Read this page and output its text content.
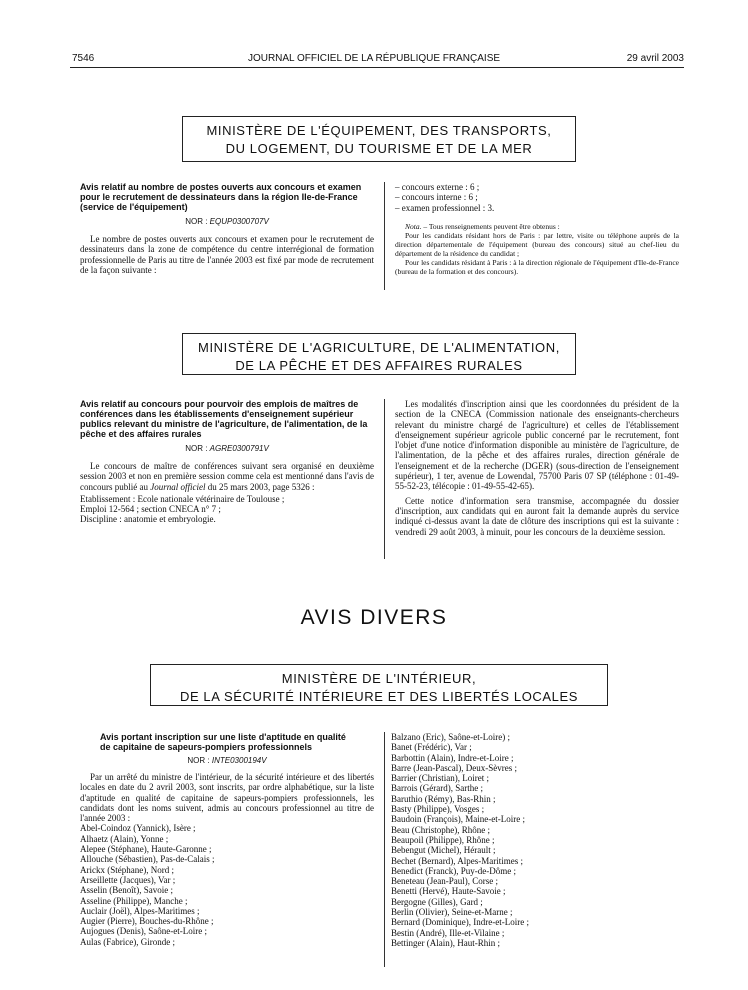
7546	JOURNAL OFFICIEL DE LA RÉPUBLIQUE FRANÇAISE	29 avril 2003
MINISTÈRE DE L'ÉQUIPEMENT, DES TRANSPORTS,
DU LOGEMENT, DU TOURISME ET DE LA MER
Avis relatif au nombre de postes ouverts aux concours et examen pour le recrutement de dessinateurs dans la région Ile-de-France (service de l'équipement)
NOR : EQUP0300707V

Le nombre de postes ouverts aux concours et examen pour le recrutement de dessinateurs dans la zone de compétence du centre interrégional de formation professionnelle de Paris au titre de l'année 2003 est fixé par mode de recrutement de la façon suivante :

– concours externe : 6 ;
– concours interne : 6 ;
– examen professionnel : 3.

Nota. – Tous renseignements peuvent être obtenus :

Pour les candidats résidant hors de Paris : par lettre, visite ou téléphone auprès de la direction départementale de l'équipement (bureau des concours) situé au chef-lieu du département de la résidence du candidat ;

Pour les candidats résidant à Paris : à la direction régionale de l'équipement d'Ile-de-France (bureau de la formation et des concours).

MINISTÈRE DE L'AGRICULTURE, DE L'ALIMENTATION,
DE LA PÊCHE ET DES AFFAIRES RURALES
Avis relatif au concours pour pourvoir des emplois de maîtres de conférences dans les établissements d'enseignement supérieur publics relevant du ministre de l'agriculture, de l'alimentation, de la pêche et des affaires rurales
NOR : AGRE0300791V

Le concours de maître de conférences suivant sera organisé en deuxième session 2003 et non en première session comme cela est mentionné dans l'avis de concours publié au Journal officiel du 25 mars 2003, page 5326 :

Etablissement : Ecole nationale vétérinaire de Toulouse ;
Emploi 12-564 ; section CNECA n° 7 ;
Discipline : anatomie et embryologie.

Les modalités d'inscription ainsi que les coordonnées du président de la section de la CNECA (Commission nationale des enseignants-chercheurs relevant du ministre chargé de l'agriculture) et celles de l'établissement d'enseignement supérieur agricole public concerné par le recrutement, font l'objet d'une notice d'information disponible au ministère de l'agriculture, de l'alimentation, de la pêche et des affaires rurales, direction générale de l'enseignement et de la recherche (DGER) (sous-direction de l'enseignement supérieur), 1 ter, avenue de Lowendal, 75700 Paris 07 SP (téléphone : 01-49-55-52-23, télécopie : 01-49-55-42-65).

Cette notice d'information sera transmise, accompagnée du dossier d'inscription, aux candidats qui en auront fait la demande auprès du service indiqué ci-dessus avant la date de clôture des inscriptions qui est la suivante : vendredi 29 août 2003, à minuit, pour les concours de la deuxième session.

AVIS DIVERS
MINISTÈRE DE L'INTÉRIEUR,
DE LA SÉCURITÉ INTÉRIEURE ET DES LIBERTÉS LOCALES
Avis portant inscription sur une liste d'aptitude en qualité de capitaine de sapeurs-pompiers professionnels
NOR : INTE0300194V

Par un arrêté du ministre de l'intérieur, de la sécurité intérieure et des libertés locales en date du 2 avril 2003, sont inscrits, par ordre alphabétique, sur la liste d'aptitude en qualité de capitaine de sapeurs-pompiers professionnels, les candidats dont les noms suivent, admis au concours professionnel au titre de l'année 2003 :

Abel-Coindoz (Yannick), Isère ;
Alhaetz (Alain), Yonne ;
Alepee (Stéphane), Haute-Garonne ;
Allouche (Sébastien), Pas-de-Calais ;
Arickx (Stéphane), Nord ;
Arseillette (Jacques), Var ;
Asselin (Benoît), Savoie ;
Asseline (Philippe), Manche ;
Auclair (Joël), Alpes-Maritimes ;
Augier (Pierre), Bouches-du-Rhône ;
Aujogues (Denis), Saône-et-Loire ;
Aulas (Fabrice), Gironde ;
Balzano (Eric), Saône-et-Loire) ;
Banet (Frédéric), Var ;
Barbottin (Alain), Indre-et-Loire ;
Barre (Jean-Pascal), Deux-Sèvres ;
Barrier (Christian), Loiret ;
Barrois (Gérard), Sarthe ;
Baruthio (Rémy), Bas-Rhin ;
Basty (Philippe), Vosges ;
Baudoin (François), Maine-et-Loire ;
Beau (Christophe), Rhône ;
Beaupoil (Philippe), Rhône ;
Bebengut (Michel), Hérault ;
Bechet (Bernard), Alpes-Maritimes ;
Benedict (Franck), Puy-de-Dôme ;
Beneteau (Jean-Paul), Corse ;
Benetti (Hervé), Haute-Savoie ;
Bergogne (Gilles), Gard ;
Berlin (Olivier), Seine-et-Marne ;
Bernard (Dominique), Indre-et-Loire ;
Bestin (André), Ille-et-Vilaine ;
Bettinger (Alain), Haut-Rhin ;
